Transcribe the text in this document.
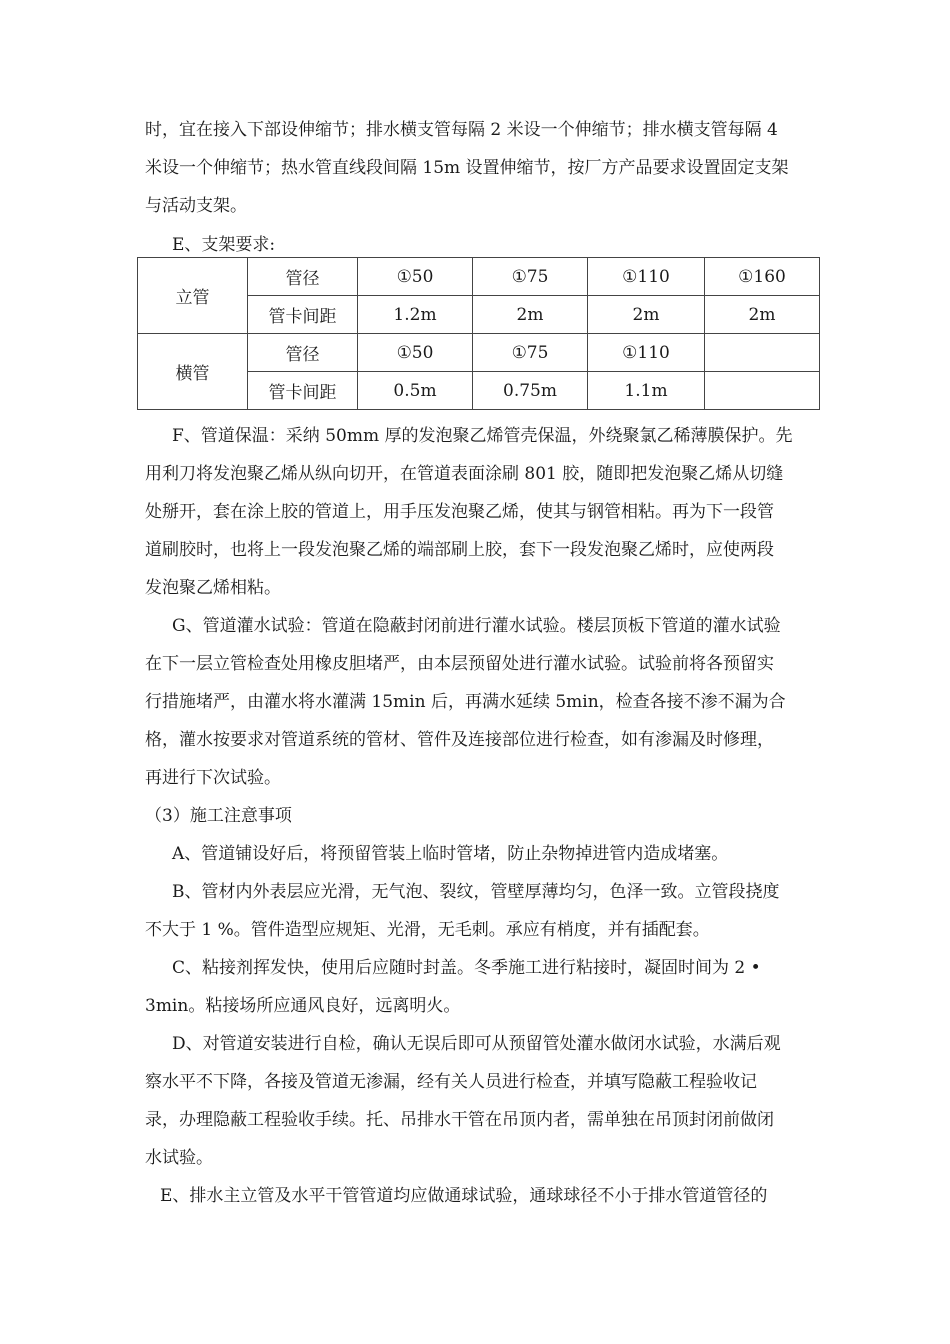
时，宜在接入下部设伸缩节；排水横支管每隔 2 米设一个伸缩节；排水横支管每隔 4
米设一个伸缩节；热水管直线段间隔 15m 设置伸缩节，按厂方产品要求设置固定支架
与活动支架。
E、支架要求:
立管	管径	①50	①75	①110	①160
	管卡间距	1.2m	2m	2m	2m
横管	管径	①50	①75	①110	
	管卡间距	0.5m	0.75m	1.1m	
F、管道保温：采纳 50mm 厚的发泡聚乙烯管壳保温，外绕聚氯乙稀薄膜保护。先
用利刀将发泡聚乙烯从纵向切开，在管道表面涂刷 801 胶，随即把发泡聚乙烯从切缝
处掰开，套在涂上胶的管道上，用手压发泡聚乙烯，使其与钢管相粘。再为下一段管
道刷胶时，也将上一段发泡聚乙烯的端部刷上胶，套下一段发泡聚乙烯时，应使两段
发泡聚乙烯相粘。
G、管道灌水试验：管道在隐蔽封闭前进行灌水试验。楼层顶板下管道的灌水试验
在下一层立管检查处用橡皮胆堵严，由本层预留处进行灌水试验。试验前将各预留实
行措施堵严，由灌水将水灌满 15min 后，再满水延续 5min，检查各接不渗不漏为合
格，灌水按要求对管道系统的管材、管件及连接部位进行检查，如有渗漏及时修理，
再进行下次试验。
（3）施工注意事项
A、管道铺设好后，将预留管装上临时管堵，防止杂物掉进管内造成堵塞。
B、管材内外表层应光滑，无气泡、裂纹，管壁厚薄均匀，色泽一致。立管段挠度
不大于 1 %。管件造型应规矩、光滑，无毛刺。承应有梢度，并有插配套。
C、粘接剂挥发快，使用后应随时封盖。冬季施工进行粘接时，凝固时间为 2 •
3min。粘接场所应通风良好，远离明火。
D、对管道安装进行自检，确认无误后即可从预留管处灌水做闭水试验，水满后观
察水平不下降，各接及管道无渗漏，经有关人员进行检查，并填写隐蔽工程验收记
录，办理隐蔽工程验收手续。托、吊排水干管在吊顶内者，需单独在吊顶封闭前做闭
水试验。
E、排水主立管及水平干管管道均应做通球试验，通球球径不小于排水管道管径的
